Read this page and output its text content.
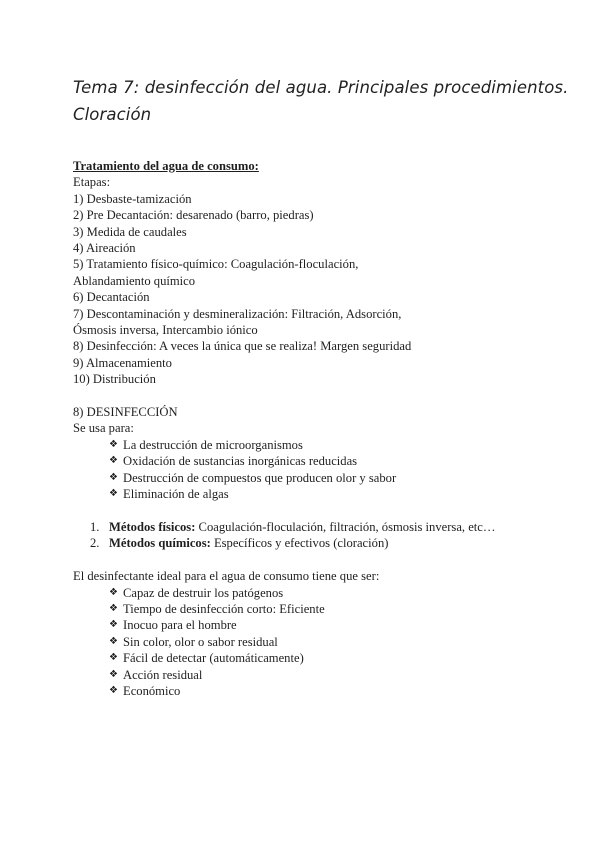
Tema 7: desinfección del agua. Principales procedimientos.
Cloración
Tratamiento del agua de consumo:
Etapas:
1) Desbaste-tamización
2) Pre Decantación: desarenado (barro, piedras)
3) Medida de caudales
4) Aireación
5) Tratamiento físico-químico: Coagulación-floculación,
Ablandamiento químico
6) Decantación
7) Descontaminación y desmineralización: Filtración, Adsorción,
Ósmosis inversa, Intercambio iónico
8) Desinfección: A veces la única que se realiza! Margen seguridad
9) Almacenamiento
10) Distribución
8) DESINFECCIÓN
Se usa para:
❖ La destrucción de microorganismos
❖ Oxidación de sustancias inorgánicas reducidas
❖ Destrucción de compuestos que producen olor y sabor
❖ Eliminación de algas
1. Métodos físicos: Coagulación-floculación, filtración, ósmosis inversa, etc…
2. Métodos químicos: Específicos y efectivos (cloración)
El desinfectante ideal para el agua de consumo tiene que ser:
❖ Capaz de destruir los patógenos
❖ Tiempo de desinfección corto: Eficiente
❖ Inocuo para el hombre
❖ Sin color, olor o sabor residual
❖ Fácil de detectar (automáticamente)
❖ Acción residual
❖ Económico
